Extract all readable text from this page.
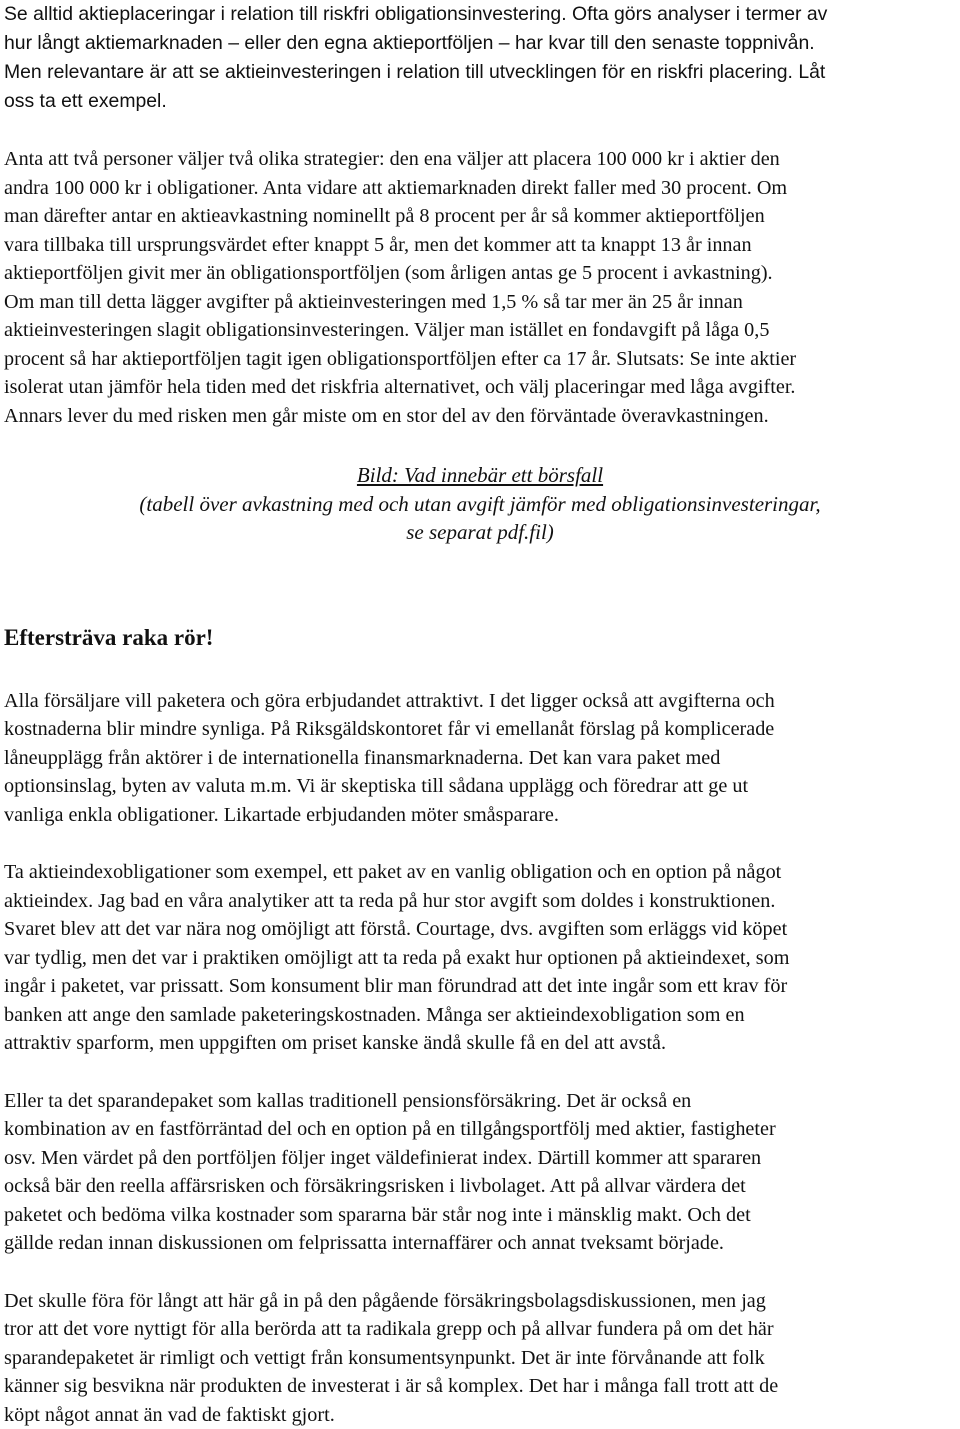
Se alltid aktieplaceringar i relation till riskfri obligationsinvestering. Ofta görs analyser i termer av
hur långt aktiemarknaden – eller den egna aktieportföljen – har kvar till den senaste toppnivån.
Men relevantare är att se aktieinvesteringen i relation till utvecklingen för en riskfri placering. Låt
oss ta ett exempel.

Anta att två personer väljer två olika strategier: den ena väljer att placera 100 000 kr i aktier den
andra 100 000 kr i obligationer. Anta vidare att aktiemarknaden direkt faller med 30 procent. Om
man därefter antar en aktieavkastning nominellt på 8 procent per år så kommer aktieportföljen
vara tillbaka till ursprungsvärdet efter knappt 5 år, men det kommer att ta knappt 13 år innan
aktieportföljen givit mer än obligationsportföljen (som årligen antas ge 5 procent i avkastning).
Om man till detta lägger avgifter på aktieinvesteringen med 1,5 % så tar mer än 25 år innan
aktieinvesteringen slagit obligationsinvesteringen. Väljer man istället en fondavgift på låga 0,5
procent så har aktieportföljen tagit igen obligationsportföljen efter ca 17 år. Slutsats: Se inte aktier
isolerat utan jämför hela tiden med det riskfria alternativet, och välj placeringar med låga avgifter.
Annars lever du med risken men går miste om en stor del av den förväntade överavkastningen.

Bild: Vad innebär ett börsfall
(tabell över avkastning med och utan avgift jämför med obligationsinvesteringar,
se separat pdf.fil)
Eftersträva raka rör!

Alla försäljare vill paketera och göra erbjudandet attraktivt. I det ligger också att avgifterna och
kostnaderna blir mindre synliga. På Riksgäldskontoret får vi emellanåt förslag på komplicerade
låneupplägg från aktörer i de internationella finansmarknaderna. Det kan vara paket med
optionsinslag, byten av valuta m.m. Vi är skeptiska till sådana upplägg och föredrar att ge ut
vanliga enkla obligationer. Likartade erbjudanden möter småsparare.

Ta aktieindexobligationer som exempel, ett paket av en vanlig obligation och en option på något
aktieindex. Jag bad en våra analytiker att ta reda på hur stor avgift som doldes i konstruktionen.
Svaret blev att det var nära nog omöjligt att förstå. Courtage, dvs. avgiften som erläggs vid köpet
var tydlig, men det var i praktiken omöjligt att ta reda på exakt hur optionen på aktieindexet, som
ingår i paketet, var prissatt. Som konsument blir man förundrad att det inte ingår som ett krav för
banken att ange den samlade paketeringskostnaden. Många ser aktieindexobligation som en
attraktiv sparform, men uppgiften om priset kanske ändå skulle få en del att avstå.

Eller ta det sparandepaket som kallas traditionell pensionsförsäkring. Det är också en
kombination av en fastförräntad del och en option på en tillgångsportfölj med aktier, fastigheter
osv. Men värdet på den portföljen följer inget väldefinierat index. Därtill kommer att spararen
också bär den reella affärsrisken och försäkringsrisken i livbolaget. Att på allvar värdera det
paketet och bedöma vilka kostnader som spararna bär står nog inte i mänsklig makt. Och det
gällde redan innan diskussionen om felprissatta internaffärer och annat tveksamt började.

Det skulle föra för långt att här gå in på den pågående försäkringsbolagsdiskussionen, men jag
tror att det vore nyttigt för alla berörda att ta radikala grepp och på allvar fundera på om det här
sparandepaketet är rimligt och vettigt från konsumentsynpunkt. Det är inte förvånande att folk
känner sig besvikna när produkten de investerat i är så komplex. Det har i många fall trott att de
köpt något annat än vad de faktiskt gjort.
